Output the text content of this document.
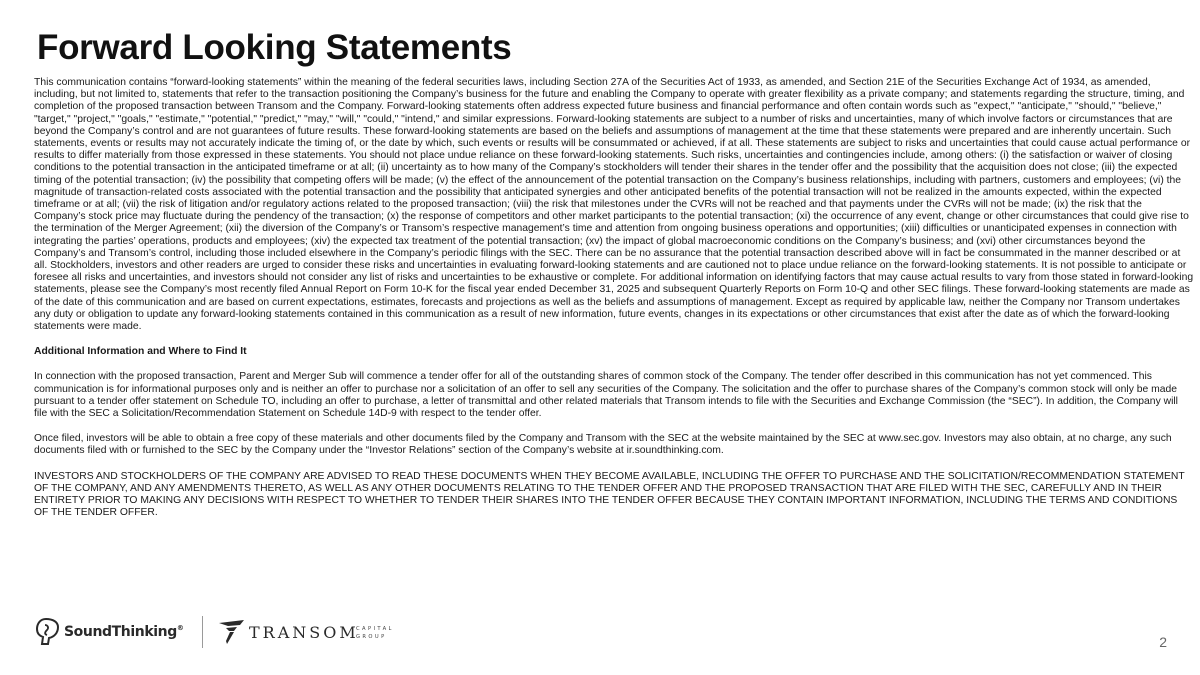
Forward Looking Statements

This communication contains “forward-looking statements” within the meaning of the federal securities laws, including Section 27A of the Securities Act of 1933, as amended, and Section 21E of the Securities Exchange Act of 1934, as amended, including, but not limited to, statements that refer to the transaction positioning the Company’s business for the future and enabling the Company to operate with greater flexibility as a private company; and statements regarding the structure, timing, and completion of the proposed transaction between Transom and the Company. Forward-looking statements often address expected future business and financial performance and often contain words such as "expect," "anticipate," "should," "believe," "target," "project," "goals," "estimate," "potential," "predict," "may," "will," "could," "intend," and similar expressions. Forward-looking statements are subject to a number of risks and uncertainties, many of which involve factors or circumstances that are beyond the Company’s control and are not guarantees of future results. These forward-looking statements are based on the beliefs and assumptions of management at the time that these statements were prepared and are inherently uncertain. Such statements, events or results may not accurately indicate the timing of, or the date by which, such events or results will be consummated or achieved, if at all. These statements are subject to risks and uncertainties that could cause actual performance or results to differ materially from those expressed in these statements. You should not place undue reliance on these forward-looking statements. Such risks, uncertainties and contingencies include, among others: (i) the satisfaction or waiver of closing conditions to the potential transaction in the anticipated timeframe or at all; (ii) uncertainty as to how many of the Company’s stockholders will tender their shares in the tender offer and the possibility that the acquisition does not close; (iii) the expected timing of the potential transaction; (iv) the possibility that competing offers will be made; (v) the effect of the announcement of the potential transaction on the Company’s business relationships, including with partners, customers and employees; (vi) the magnitude of transaction-related costs associated with the potential transaction and the possibility that anticipated synergies and other anticipated benefits of the potential transaction will not be realized in the amounts expected, within the expected timeframe or at all; (vii) the risk of litigation and/or regulatory actions related to the proposed transaction; (viii) the risk that milestones under the CVRs will not be reached and that payments under the CVRs will not be made; (ix) the risk that the Company’s stock price may fluctuate during the pendency of the transaction; (x) the response of competitors and other market participants to the potential transaction; (xi) the occurrence of any event, change or other circumstances that could give rise to the termination of the Merger Agreement; (xii) the diversion of the Company’s or Transom’s respective management’s time and attention from ongoing business operations and opportunities; (xiii) difficulties or unanticipated expenses in connection with integrating the parties’ operations, products and employees; (xiv) the expected tax treatment of the potential transaction; (xv) the impact of global macroeconomic conditions on the Company’s business; and (xvi) other circumstances beyond the Company’s and Transom’s control, including those included elsewhere in the Company’s periodic filings with the SEC. There can be no assurance that the potential transaction described above will in fact be consummated in the manner described or at all. Stockholders, investors and other readers are urged to consider these risks and uncertainties in evaluating forward-looking statements and are cautioned not to place undue reliance on the forward-looking statements. It is not possible to anticipate or foresee all risks and uncertainties, and investors should not consider any list of risks and uncertainties to be exhaustive or complete. For additional information on identifying factors that may cause actual results to vary from those stated in forward-looking statements, please see the Company’s most recently filed Annual Report on Form 10-K for the fiscal year ended December 31, 2025 and subsequent Quarterly Reports on Form 10-Q and other SEC filings. These forward-looking statements are made as of the date of this communication and are based on current expectations, estimates, forecasts and projections as well as the beliefs and assumptions of management. Except as required by applicable law, neither the Company nor Transom undertakes any duty or obligation to update any forward-looking statements contained in this communication as a result of new information, future events, changes in its expectations or other circumstances that exist after the date as of which the forward-looking statements were made.

Additional Information and Where to Find It

In connection with the proposed transaction, Parent and Merger Sub will commence a tender offer for all of the outstanding shares of common stock of the Company. The tender offer described in this communication has not yet commenced. This communication is for informational purposes only and is neither an offer to purchase nor a solicitation of an offer to sell any securities of the Company. The solicitation and the offer to purchase shares of the Company’s common stock will only be made pursuant to a tender offer statement on Schedule TO, including an offer to purchase, a letter of transmittal and other related materials that Transom intends to file with the Securities and Exchange Commission (the “SEC”). In addition, the Company will file with the SEC a Solicitation/Recommendation Statement on Schedule 14D-9 with respect to the tender offer.

Once filed, investors will be able to obtain a free copy of these materials and other documents filed by the Company and Transom with the SEC at the website maintained by the SEC at www.sec.gov. Investors may also obtain, at no charge, any such documents filed with or furnished to the SEC by the Company under the “Investor Relations” section of the Company’s website at ir.soundthinking.com.

INVESTORS AND STOCKHOLDERS OF THE COMPANY ARE ADVISED TO READ THESE DOCUMENTS WHEN THEY BECOME AVAILABLE, INCLUDING THE OFFER TO PURCHASE AND THE SOLICITATION/RECOMMENDATION STATEMENT OF THE COMPANY, AND ANY AMENDMENTS THERETO, AS WELL AS ANY OTHER DOCUMENTS RELATING TO THE TENDER OFFER AND THE PROPOSED TRANSACTION THAT ARE FILED WITH THE SEC, CAREFULLY AND IN THEIR ENTIRETY PRIOR TO MAKING ANY DECISIONS WITH RESPECT TO WHETHER TO TENDER THEIR SHARES INTO THE TENDER OFFER BECAUSE THEY CONTAIN IMPORTANT INFORMATION, INCLUDING THE TERMS AND CONDITIONS OF THE TENDER OFFER.

SoundThinking®	TRANSOM
CAPITAL
GROUP	2
